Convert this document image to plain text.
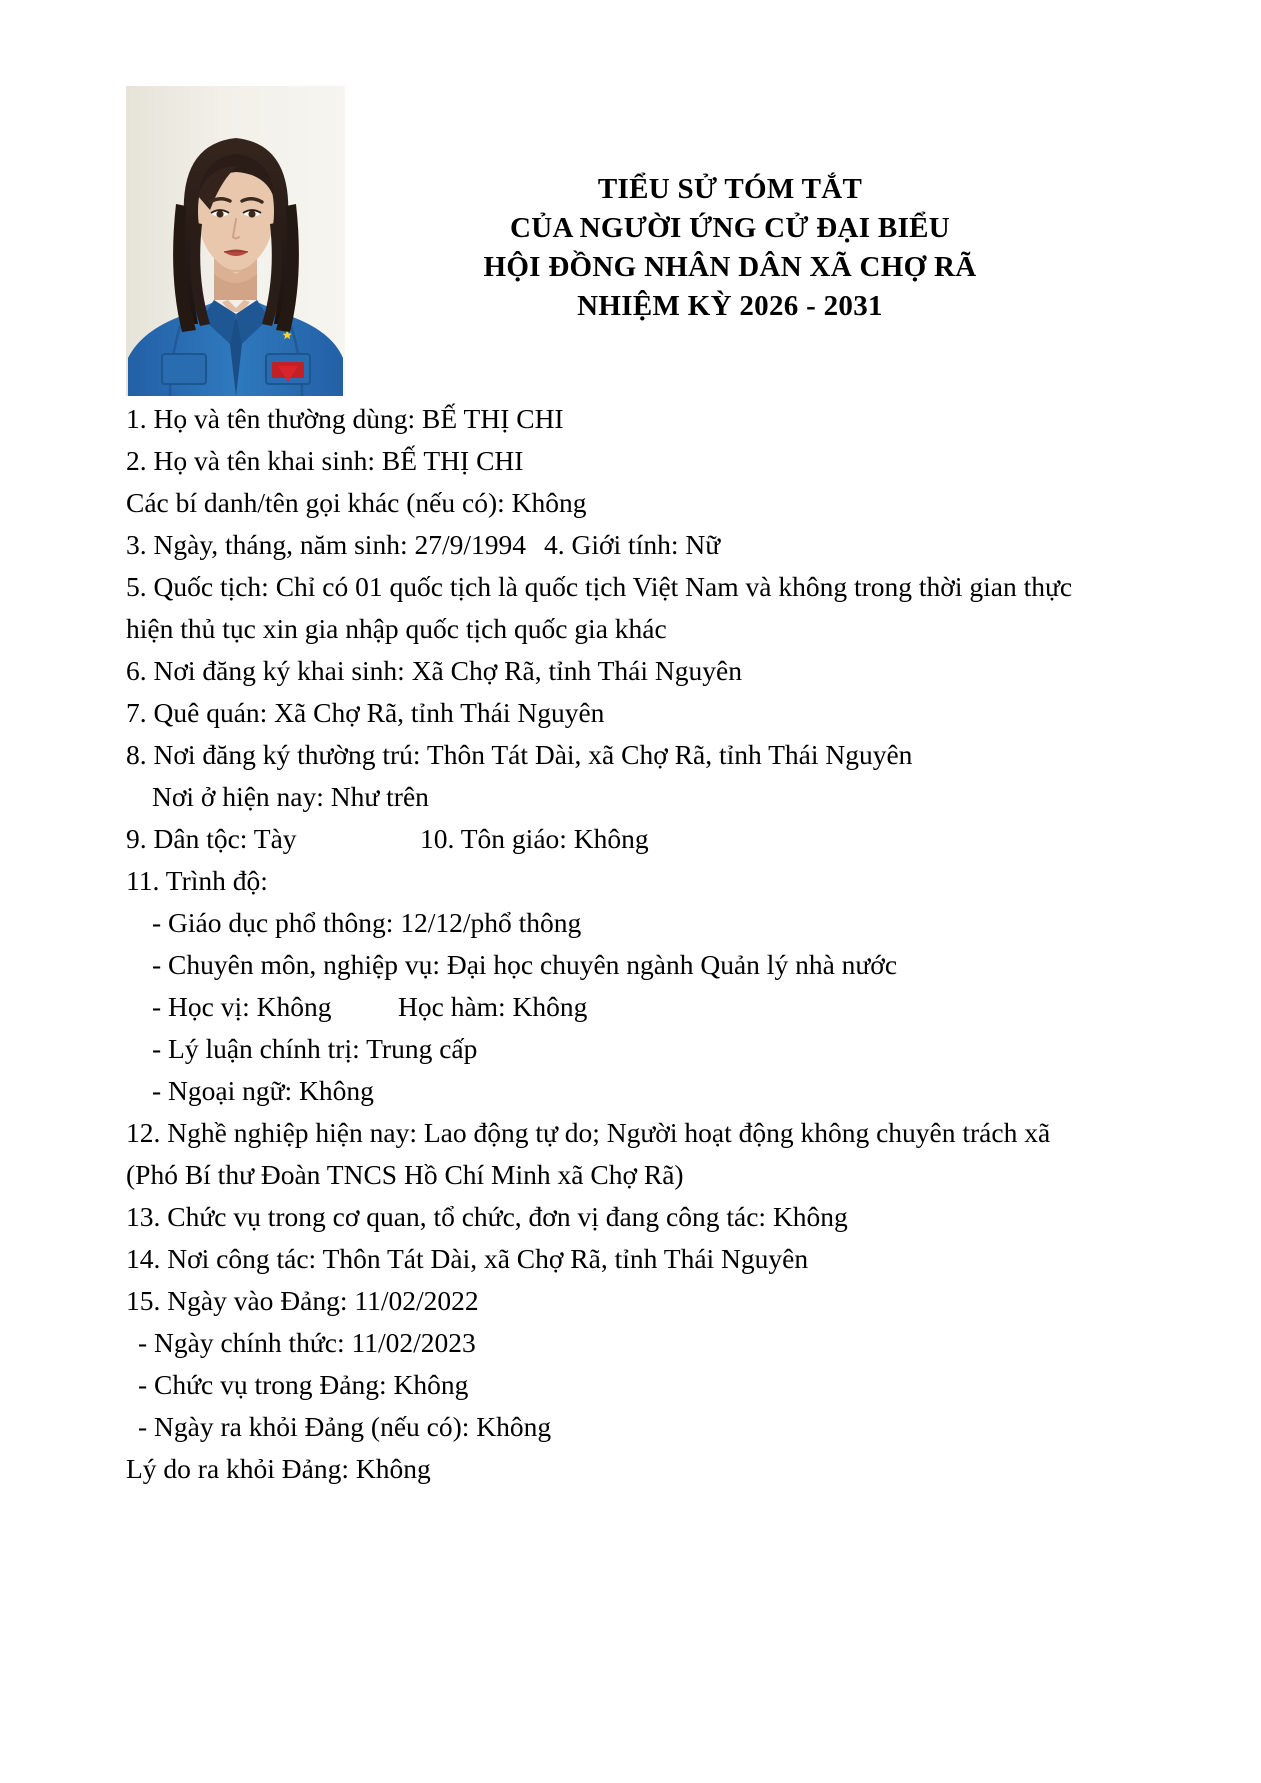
TIỂU SỬ TÓM TẮT
CỦA NGƯỜI ỨNG CỬ ĐẠI BIỂU
HỘI ĐỒNG NHÂN DÂN XÃ CHỢ RÃ
NHIỆM KỲ 2026 - 2031
1. Họ và tên thường dùng: BẾ THỊ CHI
2. Họ và tên khai sinh: BẾ THỊ CHI
Các bí danh/tên gọi khác (nếu có): Không
3. Ngày, tháng, năm sinh: 27/9/1994 4. Giới tính: Nữ
5. Quốc tịch: Chỉ có 01 quốc tịch là quốc tịch Việt Nam và không trong thời gian thực
hiện thủ tục xin gia nhập quốc tịch quốc gia khác
6. Nơi đăng ký khai sinh: Xã Chợ Rã, tỉnh Thái Nguyên
7. Quê quán: Xã Chợ Rã, tỉnh Thái Nguyên
8. Nơi đăng ký thường trú: Thôn Tát Dài, xã Chợ Rã, tỉnh Thái Nguyên
Nơi ở hiện nay: Như trên
9. Dân tộc: Tày	10. Tôn giáo: Không
11. Trình độ:
- Giáo dục phổ thông: 12/12/phổ thông
- Chuyên môn, nghiệp vụ: Đại học chuyên ngành Quản lý nhà nước
- Học vị: Không	Học hàm: Không
- Lý luận chính trị: Trung cấp
- Ngoại ngữ: Không
12. Nghề nghiệp hiện nay: Lao động tự do; Người hoạt động không chuyên trách xã
(Phó Bí thư Đoàn TNCS Hồ Chí Minh xã Chợ Rã)
13. Chức vụ trong cơ quan, tổ chức, đơn vị đang công tác: Không
14. Nơi công tác: Thôn Tát Dài, xã Chợ Rã, tỉnh Thái Nguyên
15. Ngày vào Đảng: 11/02/2022
- Ngày chính thức: 11/02/2023
- Chức vụ trong Đảng: Không
- Ngày ra khỏi Đảng (nếu có): Không
Lý do ra khỏi Đảng: Không
